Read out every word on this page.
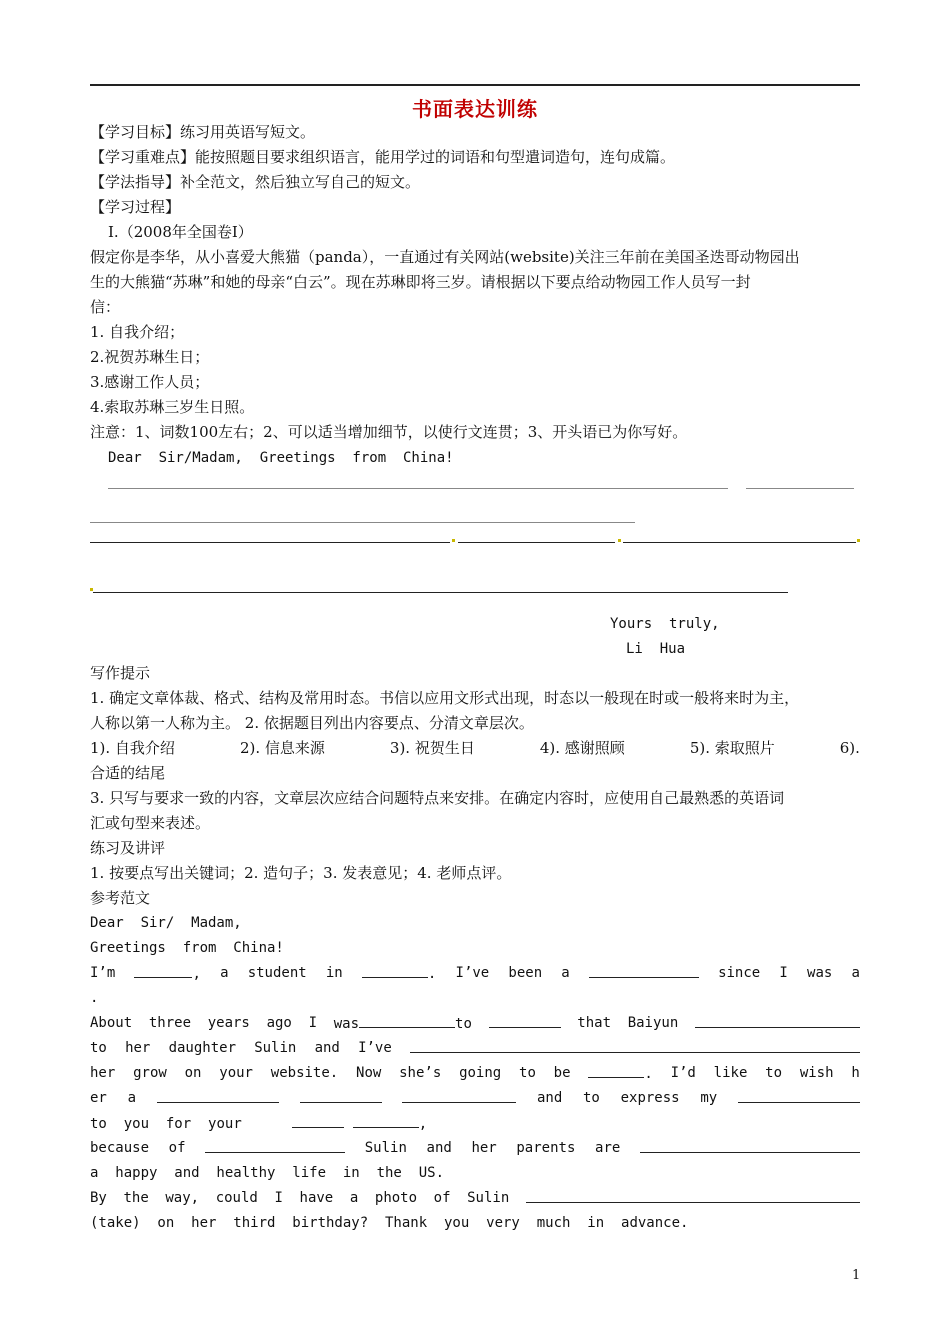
书面表达训练
【学习目标】练习用英语写短文。
【学习重难点】能按照题目要求组织语言，能用学过的词语和句型遣词造句，连句成篇。
【学法指导】补全范文，然后独立写自己的短文。
【学习过程】
I.（2008年全国卷Ⅰ）
假定你是李华，从小喜爱大熊猫（panda），一直通过有关网站(website)关注三年前在美国圣迭哥动物园出
生的大熊猫“苏琳”和她的母亲“白云”。现在苏琳即将三岁。请根据以下要点给动物园工作人员写一封
信：
1. 自我介绍；
2.祝贺苏琳生日；
3.感谢工作人员；
4.索取苏琳三岁生日照。
注意：1、词数100左右；2、可以适当增加细节，以使行文连贯；3、开头语已为你写好。
Dear  Sir/Madam,  Greetings  from  China!
Yours  truly,
Li  Hua
写作提示
1. 确定文章体裁、格式、结构及常用时态。书信以应用文形式出现，时态以一般现在时或一般将来时为主，
人称以第一人称为主。 2. 依据题目列出内容要点、分清文章层次。
1). 自我介绍	2). 信息来源	3). 祝贺生日	4). 感谢照顾	5). 索取照片	6).
合适的结尾
3. 只写与要求一致的内容，文章层次应结合问题特点来安排。在确定内容时，应使用自己最熟悉的英语词
汇或句型来表述。
练习及讲评
1. 按要点写出关键词；2. 造句子；3. 发表意见；4. 老师点评。
参考范文
Dear  Sir/  Madam,
Greetings  from  China!
I’m	, a student in	. I’ve been a	since I was a
.
About three years ago I was	to	that Baiyun
to her daughter Sulin and I’ve
her grow on your website. Now she’s going to be	. I’d like to wish h
er a	and to express my
to you for your	,
because of	Sulin and her parents are
a  happy  and  healthy  life  in  the  US.
By the way, could I have a photo of Sulin
(take)  on  her  third  birthday?  Thank  you  very  much  in  advance.
1
